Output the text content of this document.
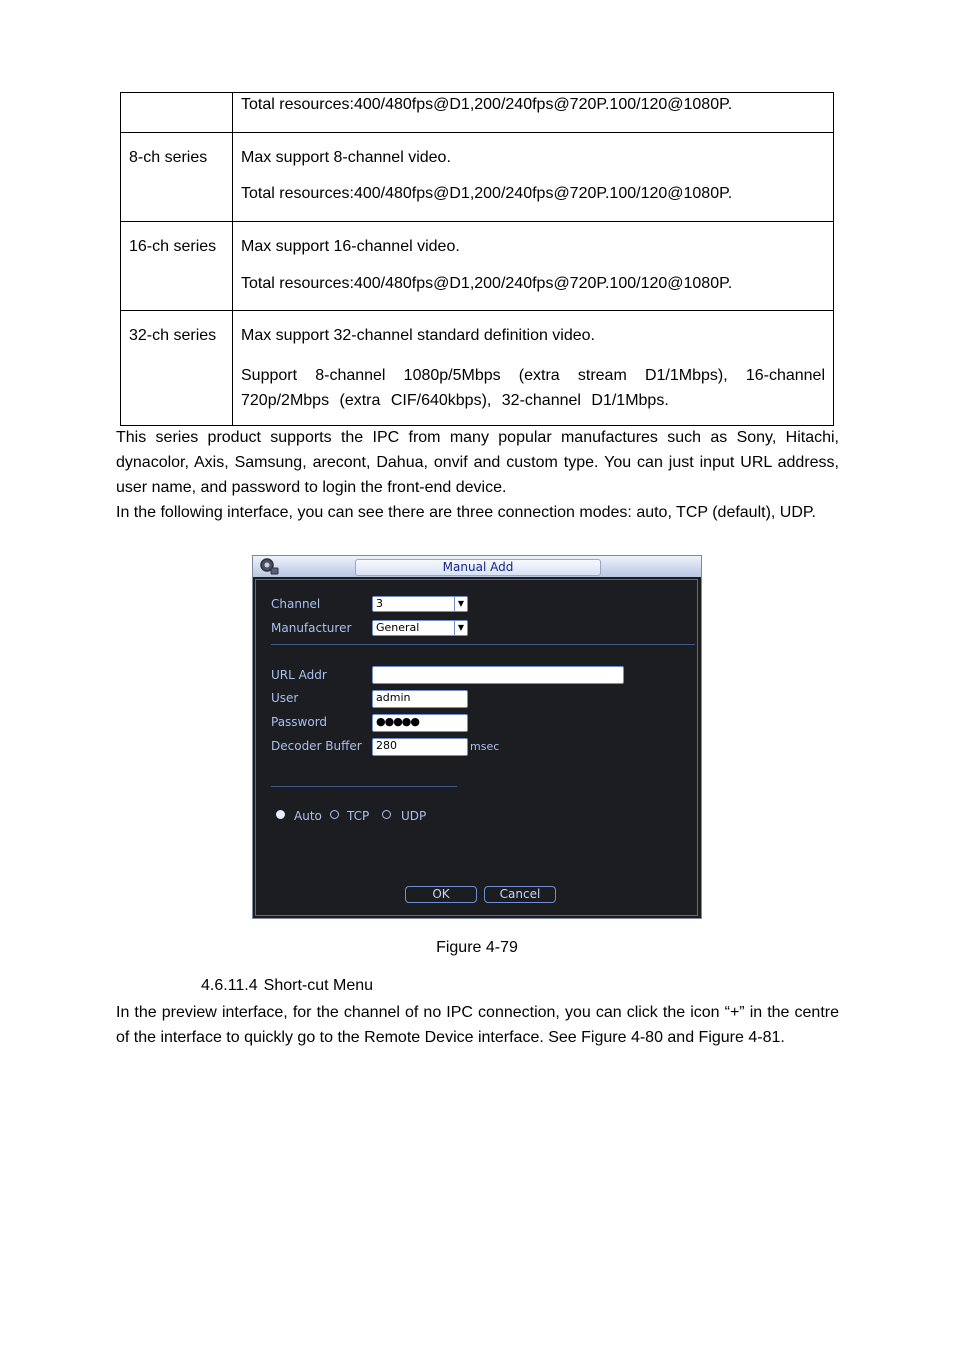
	Total resources:400/480fps@D1,200/240fps@720P.100/120@1080P.

8-ch series	Max support 8-channel video.
Total resources:400/480fps@D1,200/240fps@720P.100/120@1080P.

16-ch series	Max support 16-channel video.
Total resources:400/480fps@D1,200/240fps@720P.100/120@1080P.

32-ch series	Max support 32-channel standard definition video.
Support 8-channel 1080p/5Mbps (extra stream D1/1Mbps), 16-channel 720p/2Mbps (extra CIF/640kbps), 32-channel D1/1Mbps.

This series product supports the IPC from many popular manufactures such as Sony, Hitachi, dynacolor, Axis, Samsung, arecont, Dahua, onvif and custom type. You can just input URL address, user name, and password to login the front-end device.

In the following interface, you can see there are three connection modes: auto, TCP (default), UDP.

Manual Add
Channel	3	▼
Manufacturer	General	▼
URL Addr
User	admin
Password	●●●●●
Decoder Buffer	280	msec
Auto TCP	UDP
OK	Cancel
Figure 4-79
4.6.11.4 Short-cut Menu

In the preview interface, for the channel of no IPC connection, you can click the icon “+” in the centre of the interface to quickly go to the Remote Device interface. See Figure 4-80 and Figure 4-81.
